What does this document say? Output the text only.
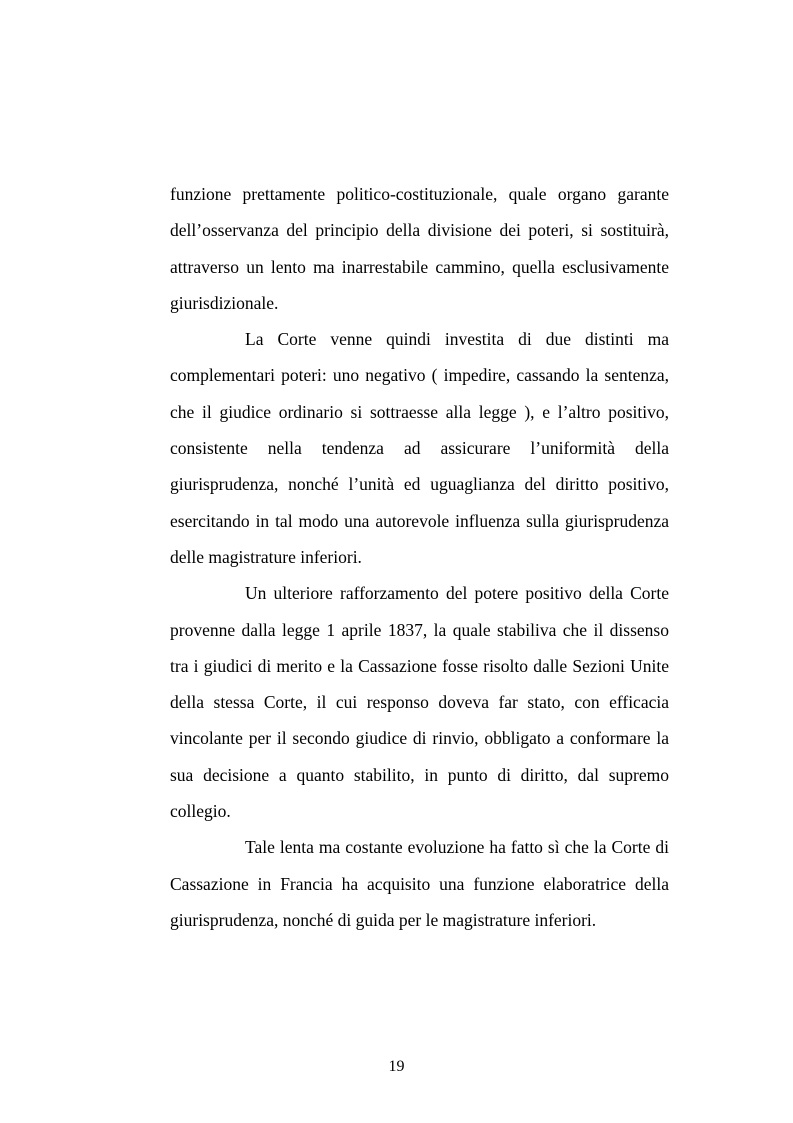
funzione prettamente politico-costituzionale, quale organo garante dell’osservanza del principio della divisione dei poteri, si sostituirà, attraverso un lento ma inarrestabile cammino, quella esclusivamente giurisdizionale.

La Corte venne quindi investita di due distinti ma complementari poteri: uno negativo ( impedire, cassando la sentenza, che il giudice ordinario si sottraesse alla legge ), e l’altro positivo, consistente nella tendenza ad assicurare l’uniformità della giurisprudenza, nonché l’unità ed uguaglianza del diritto positivo, esercitando in tal modo una autorevole influenza sulla giurisprudenza delle magistrature inferiori.

Un ulteriore rafforzamento del potere positivo della Corte provenne dalla legge 1 aprile 1837, la quale stabiliva che il dissenso tra i giudici di merito e la Cassazione fosse risolto dalle Sezioni Unite della stessa Corte, il cui responso doveva far stato, con efficacia vincolante per il secondo giudice di rinvio, obbligato a conformare la sua decisione a quanto stabilito, in punto di diritto, dal supremo collegio.

Tale lenta ma costante evoluzione ha fatto sì che la Corte di Cassazione in Francia ha acquisito una funzione elaboratrice della giurisprudenza, nonché di guida per le magistrature inferiori.

19
